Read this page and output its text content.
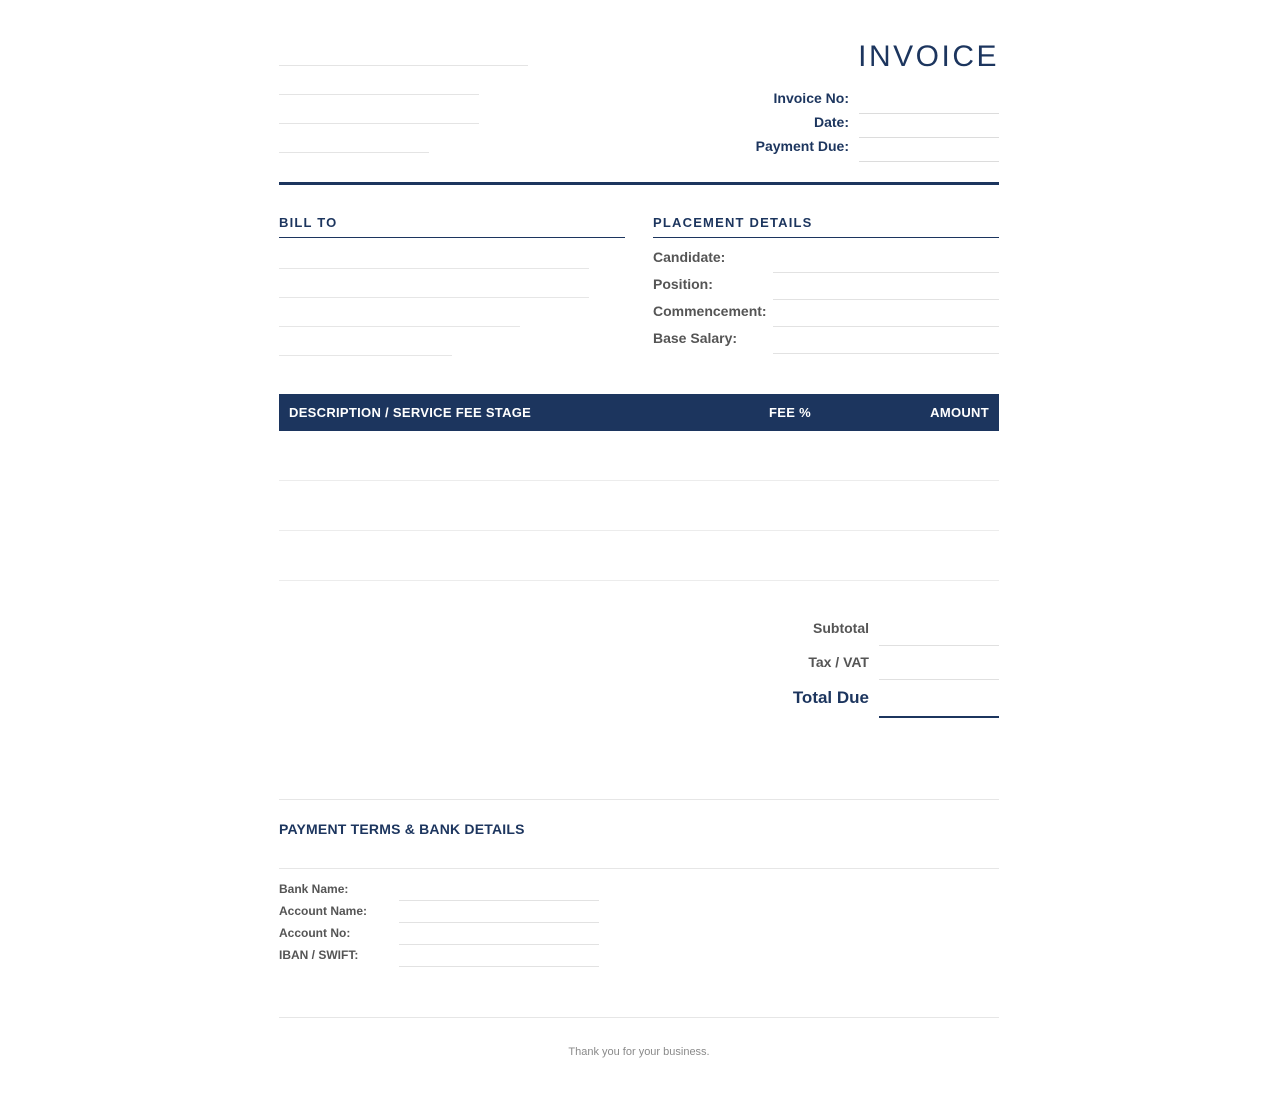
INVOICE
Invoice No:
Date:
Payment Due:
BILL TO	PLACEMENT DETAILS
Candidate:
Position:
Commencement:
Base Salary:
DESCRIPTION / SERVICE FEE STAGE	FEE %	AMOUNT
Subtotal
Tax / VAT
Total Due
PAYMENT TERMS & BANK DETAILS
Bank Name:
Account Name:
Account No:
IBAN / SWIFT:
Thank you for your business.
